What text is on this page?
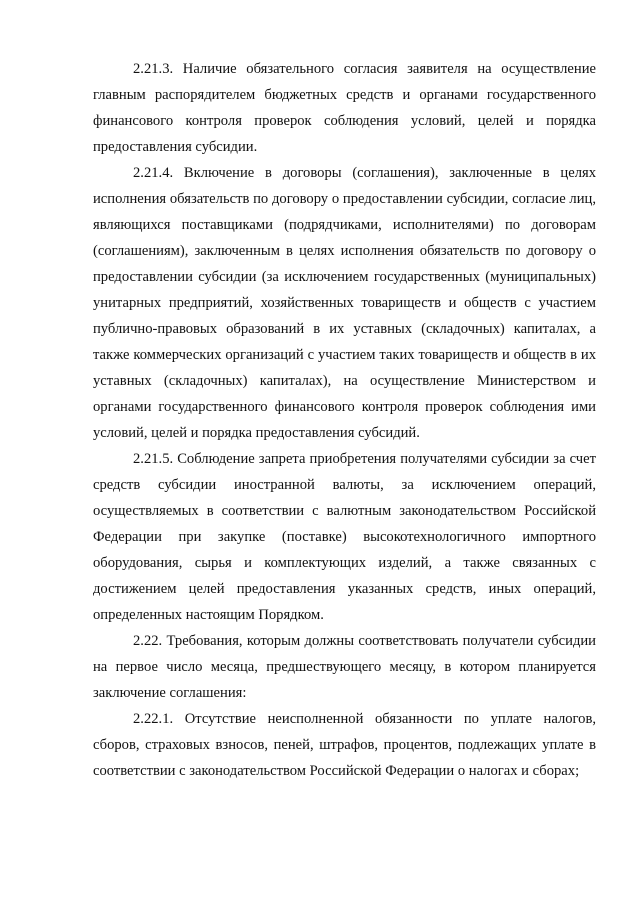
2.21.3. Наличие обязательного согласия заявителя на осуществление главным распорядителем бюджетных средств и органами государственного финансового контроля проверок соблюдения условий, целей и порядка предоставления субсидии.

2.21.4. Включение в договоры (соглашения), заключенные в целях исполнения обязательств по договору о предоставлении субсидии, согласие лиц, являющихся поставщиками (подрядчиками, исполнителями) по договорам (соглашениям), заключенным в целях исполнения обязательств по договору о предоставлении субсидии (за исключением государственных (муниципальных) унитарных предприятий, хозяйственных товариществ и обществ с участием публично-правовых образований в их уставных (складочных) капиталах, а также коммерческих организаций с участием таких товариществ и обществ в их уставных (складочных) капиталах), на осуществление Министерством и органами государственного финансового контроля проверок соблюдения ими условий, целей и порядка предоставления субсидий.

2.21.5. Соблюдение запрета приобретения получателями субсидии за счет средств субсидии иностранной валюты, за исключением операций, осуществляемых в соответствии с валютным законодательством Российской Федерации при закупке (поставке) высокотехнологичного импортного оборудования, сырья и комплектующих изделий, а также связанных с достижением целей предоставления указанных средств, иных операций, определенных настоящим Порядком.

2.22. Требования, которым должны соответствовать получатели субсидии на первое число месяца, предшествующего месяцу, в котором планируется заключение соглашения:

2.22.1. Отсутствие неисполненной обязанности по уплате налогов, сборов, страховых взносов, пеней, штрафов, процентов, подлежащих уплате в соответствии с законодательством Российской Федерации о налогах и сборах;
